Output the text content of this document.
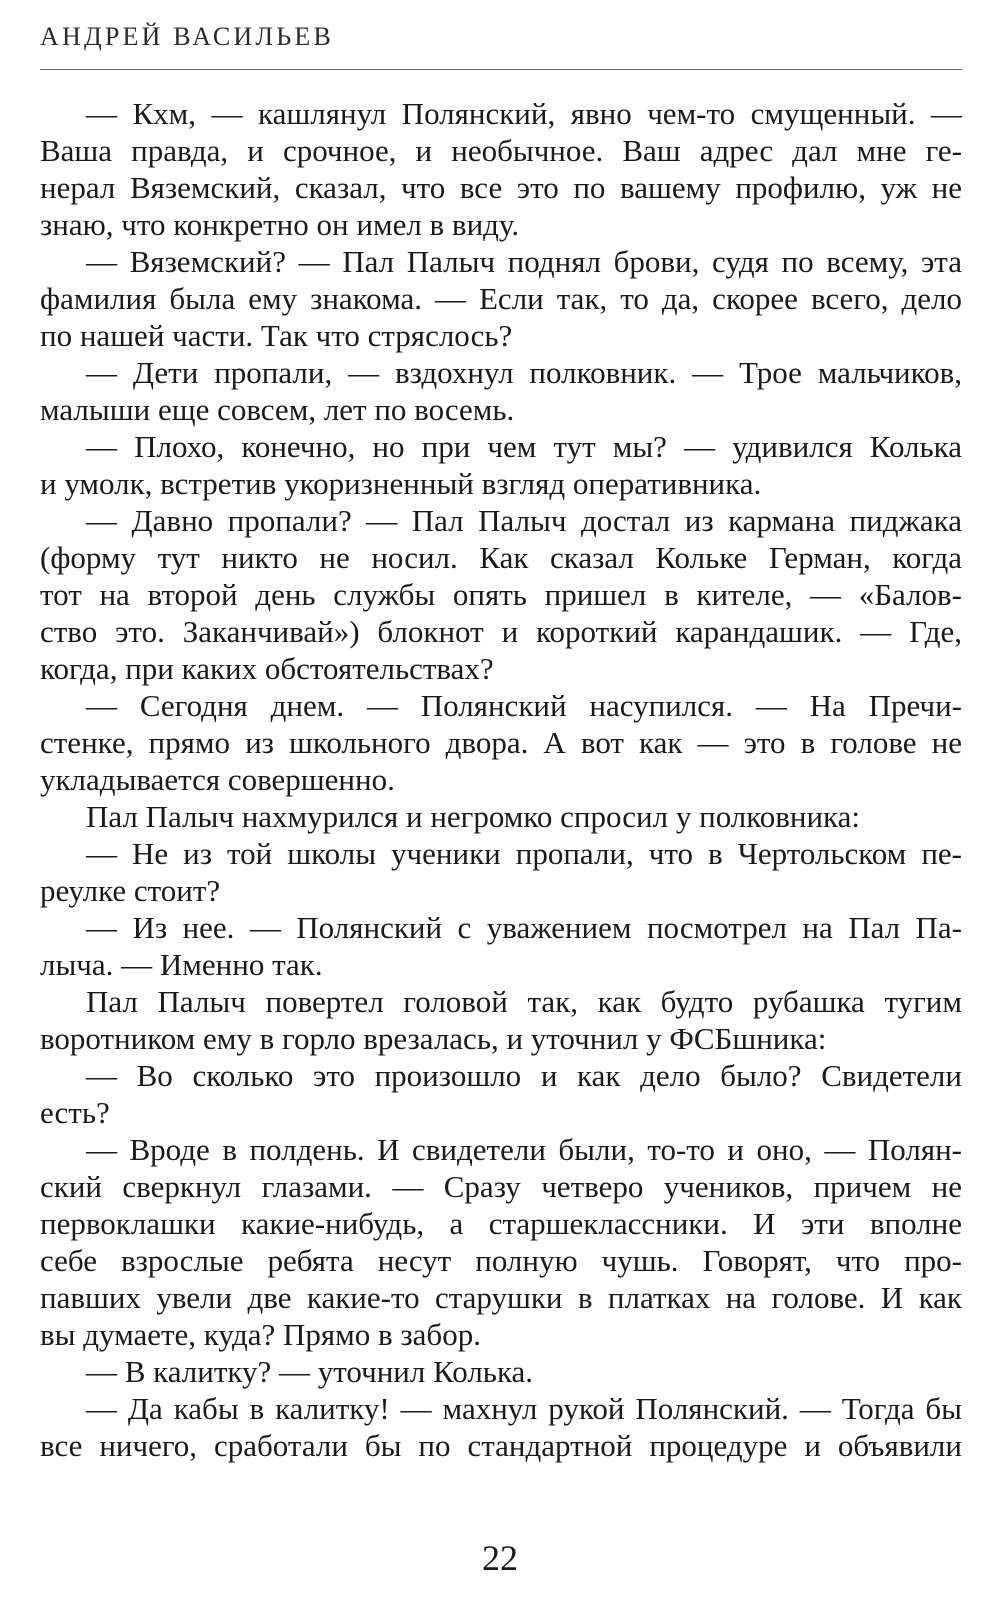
АНДРЕЙ ВАСИЛЬЕВ
— Кхм, — кашлянул Полянский, явно чем-то смущенный. —
Ваша правда, и срочное, и необычное. Ваш адрес дал мне ге-
нерал Вяземский, сказал, что все это по вашему профилю, уж не
знаю, что конкретно он имел в виду.
— Вяземский? — Пал Палыч поднял брови, судя по всему, эта
фамилия была ему знакома. — Если так, то да, скорее всего, дело
по нашей части. Так что стряслось?
— Дети пропали, — вздохнул полковник. — Трое мальчиков,
малыши еще совсем, лет по восемь.
— Плохо, конечно, но при чем тут мы? — удивился Колька
и умолк, встретив укоризненный взгляд оперативника.
— Давно пропали? — Пал Палыч достал из кармана пиджака
(форму тут никто не носил. Как сказал Кольке Герман, когда
тот на второй день службы опять пришел в кителе, — «Балов-
ство это. Заканчивай») блокнот и короткий карандашик. — Где,
когда, при каких обстоятельствах?
— Сегодня днем. — Полянский насупился. — На Пречи-
стенке, прямо из школьного двора. А вот как — это в голове не
укладывается совершенно.
Пал Палыч нахмурился и негромко спросил у полковника:
— Не из той школы ученики пропали, что в Чертольском пе-
реулке стоит?
— Из нее. — Полянский с уважением посмотрел на Пал Па-
лыча. — Именно так.
Пал Палыч повертел головой так, как будто рубашка тугим
воротником ему в горло врезалась, и уточнил у ФСБшника:
— Во сколько это произошло и как дело было? Свидетели
есть?
— Вроде в полдень. И свидетели были, то-то и оно, — Полян-
ский сверкнул глазами. — Сразу четверо учеников, причем не
первоклашки какие-нибудь, а старшеклассники. И эти вполне
себе взрослые ребята несут полную чушь. Говорят, что про-
павших увели две какие-то старушки в платках на голове. И как
вы думаете, куда? Прямо в забор.
— В калитку? — уточнил Колька.
— Да кабы в калитку! — махнул рукой Полянский. — Тогда бы
все ничего, сработали бы по стандартной процедуре и объявили
22
